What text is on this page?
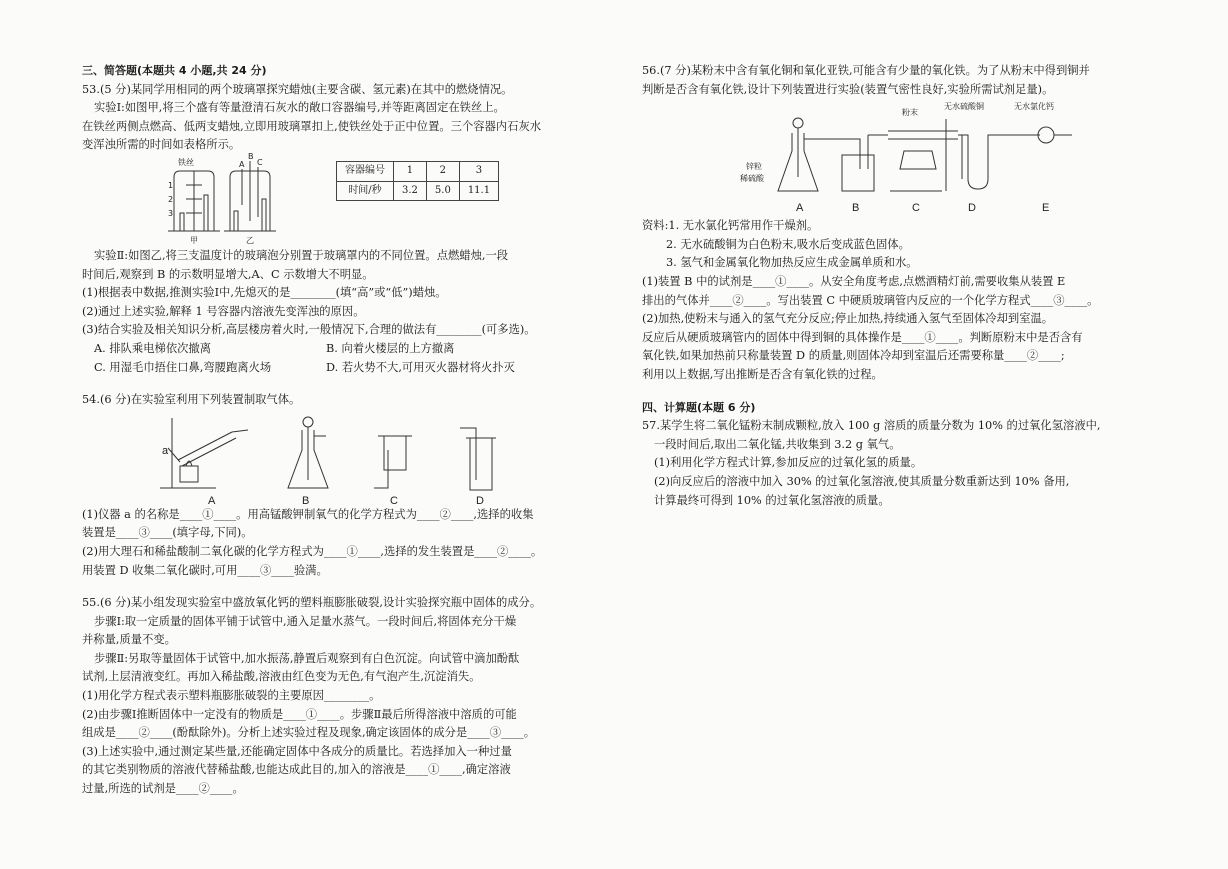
三、简答题(本题共 4 小题,共 24 分)

53.(5 分)某同学用相同的两个玻璃罩探究蜡烛(主要含碳、氢元素)在其中的燃烧情况。

实验Ⅰ:如图甲,将三个盛有等量澄清石灰水的敞口容器编号,并等距离固定在铁丝上。

在铁丝两侧点燃高、低两支蜡烛,立即用玻璃罩扣上,使铁丝处于正中位置。三个容器内石灰水

变浑浊所需的时间如表格所示。

铁丝
1
2
3
甲
A
B
C
乙
容器编号	1	2	3
时间/秒	3.2	5.0	11.1

实验Ⅱ:如图乙,将三支温度计的玻璃泡分别置于玻璃罩内的不同位置。点燃蜡烛,一段

时间后,观察到 B 的示数明显增大,A、C 示数增大不明显。

(1)根据表中数据,推测实验Ⅰ中,先熄灭的是________(填“高”或“低”)蜡烛。

(2)通过上述实验,解释 1 号容器内溶液先变浑浊的原因。

(3)结合实验及相关知识分析,高层楼房着火时,一般情况下,合理的做法有________(可多选)。

A. 排队乘电梯依次撤离	B. 向着火楼层的上方撤离

C. 用湿毛巾捂住口鼻,弯腰跑离火场	D. 若火势不大,可用灭火器材将火扑灭

54.(6 分)在实验室利用下列装置制取气体。

a
A	B	C	D

(1)仪器 a 的名称是____①____。用高锰酸钾制氧气的化学方程式为____②____,选择的收集

装置是____③____(填字母,下同)。

(2)用大理石和稀盐酸制二氧化碳的化学方程式为____①____,选择的发生装置是____②____。

用装置 D 收集二氧化碳时,可用____③____验满。

55.(6 分)某小组发现实验室中盛放氧化钙的塑料瓶膨胀破裂,设计实验探究瓶中固体的成分。

步骤Ⅰ:取一定质量的固体平铺于试管中,通入足量水蒸气。一段时间后,将固体充分干燥

并称量,质量不变。

步骤Ⅱ:另取等量固体于试管中,加水振荡,静置后观察到有白色沉淀。向试管中滴加酚酞

试剂,上层清液变红。再加入稀盐酸,溶液由红色变为无色,有气泡产生,沉淀消失。

(1)用化学方程式表示塑料瓶膨胀破裂的主要原因________。

(2)由步骤Ⅰ推断固体中一定没有的物质是____①____。步骤Ⅱ最后所得溶液中溶质的可能

组成是____②____(酚酞除外)。分析上述实验过程及现象,确定该固体的成分是____③____。

(3)上述实验中,通过测定某些量,还能确定固体中各成分的质量比。若选择加入一种过量

的其它类别物质的溶液代替稀盐酸,也能达成此目的,加入的溶液是____①____,确定溶液

过量,所选的试剂是____②____。

56.(7 分)某粉末中含有氧化铜和氧化亚铁,可能含有少量的氧化铁。为了从粉末中得到铜并

判断是否含有氧化铁,设计下列装置进行实验(装置气密性良好,实验所需试剂足量)。

锌粒
稀硫酸
粉末
无水硫酸铜	无水氯化钙
A	B	C	D	E

资料:1. 无水氯化钙常用作干燥剂。

2. 无水硫酸铜为白色粉末,吸水后变成蓝色固体。

3. 氢气和金属氧化物加热反应生成金属单质和水。

(1)装置 B 中的试剂是____①____。从安全角度考虑,点燃酒精灯前,需要收集从装置 E

排出的气体并____②____。写出装置 C 中硬质玻璃管内反应的一个化学方程式____③____。

(2)加热,使粉末与通入的氢气充分反应;停止加热,持续通入氢气至固体冷却到室温。

反应后从硬质玻璃管内的固体中得到铜的具体操作是____①____。判断原粉末中是否含有

氧化铁,如果加热前只称量装置 D 的质量,则固体冷却到室温后还需要称量____②____;

利用以上数据,写出推断是否含有氧化铁的过程。

四、计算题(本题 6 分)

57.某学生将二氧化锰粉末制成颗粒,放入 100 g 溶质的质量分数为 10% 的过氧化氢溶液中,

一段时间后,取出二氧化锰,共收集到 3.2 g 氧气。

(1)利用化学方程式计算,参加反应的过氧化氢的质量。

(2)向反应后的溶液中加入 30% 的过氧化氢溶液,使其质量分数重新达到 10% 备用,

计算最终可得到 10% 的过氧化氢溶液的质量。
